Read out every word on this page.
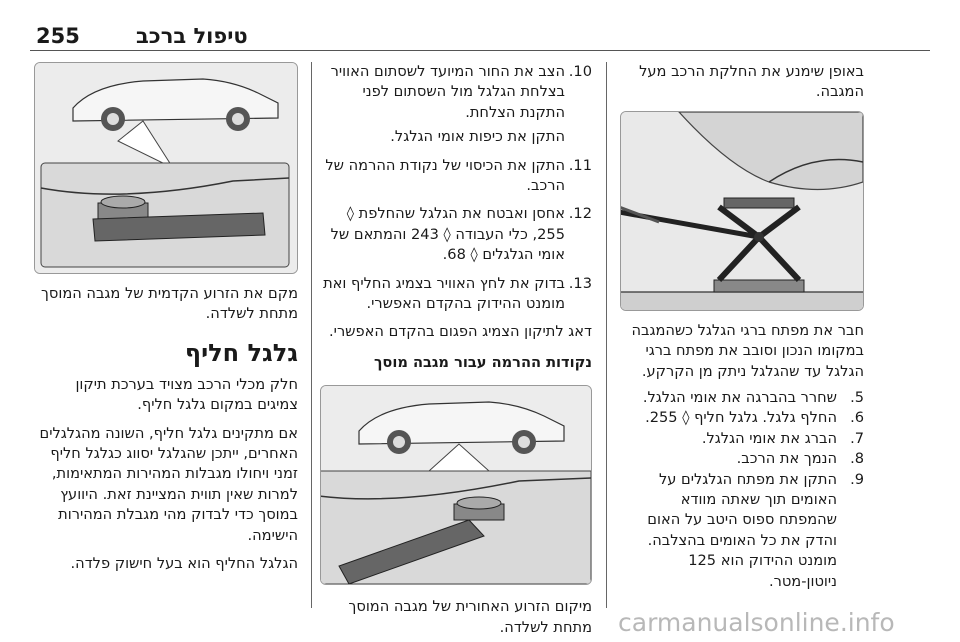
255	טיפול ברכב

באופן שימנע את החלקת הרכב מעל המגבה.

חבר את מפתח ברגי הגלגל כשהמגבה במקומו הנכון וסובב את מפתח ברגי הגלגל עד שהגלגל ניתק מן הקרקע.

5.
שחרר בהברגה את אומי הגלגל.
6.
החלף גלגל. גלגל חליף ◊ 255.
7.
הברג את אומי הגלגל.
8.
הנמך את הרכב.
9.
התקן את מפתח הגלגלים על האומים תוך שאתה מוודא שהמפתח ספוס היטב על האום והדק את כל האומים בהצלבה. מומנט ההידוק הוא 125 ניוטון-מטר.
10.
הצב את החור המיועד לשסתום האוויר בצלחת הגלגל מול השסתום לפני התקנת הצלחת.

התקן את כיפות אומי הגלגל.

11.
התקן את הכיסוי של נקודת ההרמה של הרכב.
12.
אחסן ואבטח את הגלגל שהחלפת ◊ 255, כלי העבודה ◊ 243 והמתאם של אומי הגלגלים ◊ 68.
13.
בדוק את לחץ האוויר בצמיג החליף ואת מומנט ההידוק בהקדם האפשרי.

דאג לתיקון הצמיג הפגום בהקדם האפשרי.

נקודות ההרמה עבור מגבה מוסך

מיקום הזרוע האחורית של מגבה המוסך מתחת לשלדה.

מקם את הזרוע הקדמית של מגבה המוסך מתחת לשלדה.

גלגל חליף

חלק מכלי הרכב מצויד בערכת תיקון צמיגים במקום גלגל חליף.

אם מתקינים גלגל חליף, השונה מהגלגלים האחרים, ייתכן שהגלגל יסווג כגלגל חליף זמני ויחולו מגבלות המהירות המתאימות, למרות שאין תווית המציינת זאת. היוועץ במוסך כדי לבדוק מהי מגבלת המהירות הישימה.

הגלגל החליף הוא בעל חישוק פלדה.

carmanualsonline.info
